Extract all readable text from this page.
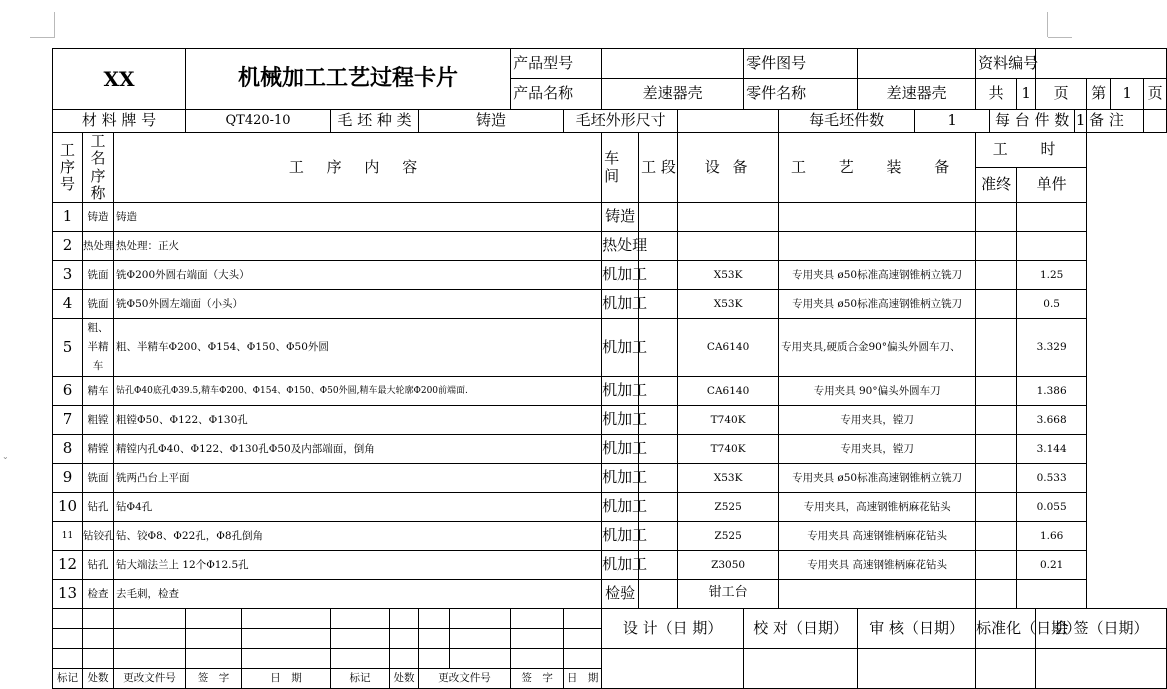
⌄
XX			机械加工工艺过程卡片						产品型号					零件图号				资料编号							
									产品名称		差速器壳			零件名称		差速器壳		共		1	页		第	1	页
材 料 牌 号			QT420-10		毛 坯 种 类		铸造			毛坯外形尺寸					每毛坯件数		1		每 台 件 数			1	备 注		
工 序 号	工 名 序 称	工 序 内 容									车 间	工 段	设 备		工 艺 装 备			工 时							
																		准终		单件					
1	铸造	铸造									铸造														
2	热处理	热处理：正火									热处理														
3	铣面	铣Φ200外圆右端面（大头）									机加工		X53K		专用夹具 ø50标准高速钢锥柄立铣刀					1.25					
4	铣面	铣Φ50外圆左端面（小头）									机加工		X53K		专用夹具 ø50标准高速钢锥柄立铣刀					0.5					
5	粗、半精车	粗、半精车Φ200、Φ154、Φ150、Φ50外圆									机加工		CA6140		专用夹具,硬质合金90°偏头外圆车刀、					3.329					
6	精车	钻孔Φ40底孔Φ39.5,精车Φ200、Φ154、Φ150、Φ50外圆,精车最大轮廓Φ200前端面.									机加工		CA6140		专用夹具 90°偏头外圆车刀					1.386					
7	粗镗	粗镗Φ50、Φ122、Φ130孔									机加工		T740K		专用夹具，镗刀					3.668					
8	精镗	精镗内孔Φ40、Φ122、Φ130孔Φ50及内部端面，倒角									机加工		T740K		专用夹具，镗刀					3.144					
9	铣面	铣两凸台上平面									机加工		X53K		专用夹具 ø50标准高速钢锥柄立铣刀					0.533					
10	钻孔	钻Φ4孔									机加工		Z525		专用夹具，高速钢锥柄麻花钻头					0.055					
11	钻铰孔	钻、铰Φ8、Φ22孔，Φ8孔倒角									机加工		Z525		专用夹具 高速钢锥柄麻花钻头					1.66					
12	钻孔	钻大端法兰上 12个Φ12.5孔									机加工		Z3050		专用夹具 高速钢锥柄麻花钻头					0.21					
13	检查	去毛刺，检查									检验		钳工台												
											设 计（日 期）			校 对（日期）		审 核（日期）		标准化（日期）			会 签（日期）				

标记	处数	更改文件号	签　字	日　期	标记	处数	更改文件号		签　字	日　期															
